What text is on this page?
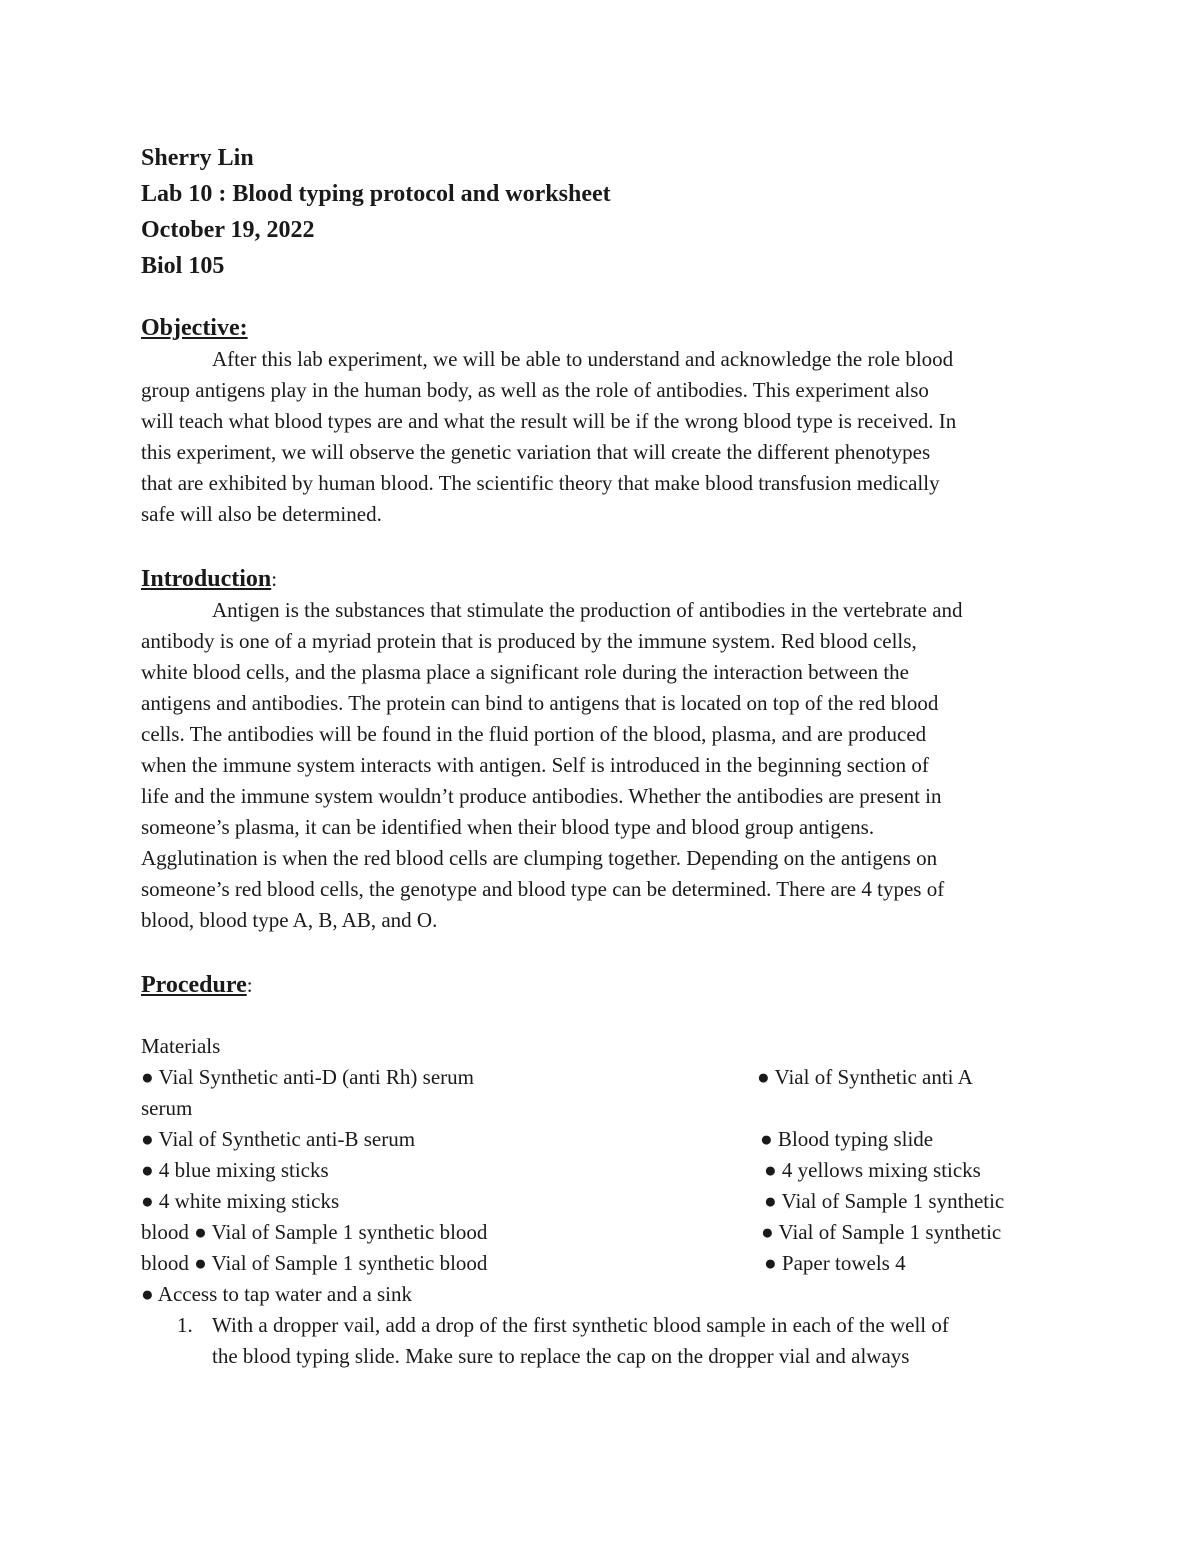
Sherry Lin
Lab 10 : Blood typing protocol and worksheet
October 19, 2022
Biol 105
Objective:

After this lab experiment, we will be able to understand and acknowledge the role blood
group antigens play in the human body, as well as the role of antibodies. This experiment also
will teach what blood types are and what the result will be if the wrong blood type is received. In
this experiment, we will observe the genetic variation that will create the different phenotypes
that are exhibited by human blood. The scientific theory that make blood transfusion medically
safe will also be determined.

Introduction:

Antigen is the substances that stimulate the production of antibodies in the vertebrate and
antibody is one of a myriad protein that is produced by the immune system. Red blood cells,
white blood cells, and the plasma place a significant role during the interaction between the
antigens and antibodies. The protein can bind to antigens that is located on top of the red blood
cells. The antibodies will be found in the fluid portion of the blood, plasma, and are produced
when the immune system interacts with antigen. Self is introduced in the beginning section of
life and the immune system wouldn’t produce antibodies. Whether the antibodies are present in
someone’s plasma, it can be identified when their blood type and blood group antigens.
Agglutination is when the red blood cells are clumping together. Depending on the antigens on
someone’s red blood cells, the genotype and blood type can be determined. There are 4 types of
blood, blood type A, B, AB, and O.

Procedure:
Materials
● Vial Synthetic anti-D (anti Rh) serum	● Vial of Synthetic anti A
serum
● Vial of Synthetic anti-B serum	● Blood typing slide
● 4 blue mixing sticks	● 4 yellows mixing sticks
● 4 white mixing sticks	● Vial of Sample 1 synthetic
blood ● Vial of Sample 1 synthetic blood	● Vial of Sample 1 synthetic
blood ● Vial of Sample 1 synthetic blood	● Paper towels 4
● Access to tap water and a sink
1. With a dropper vail, add a drop of the first synthetic blood sample in each of the well of
the blood typing slide. Make sure to replace the cap on the dropper vial and always
